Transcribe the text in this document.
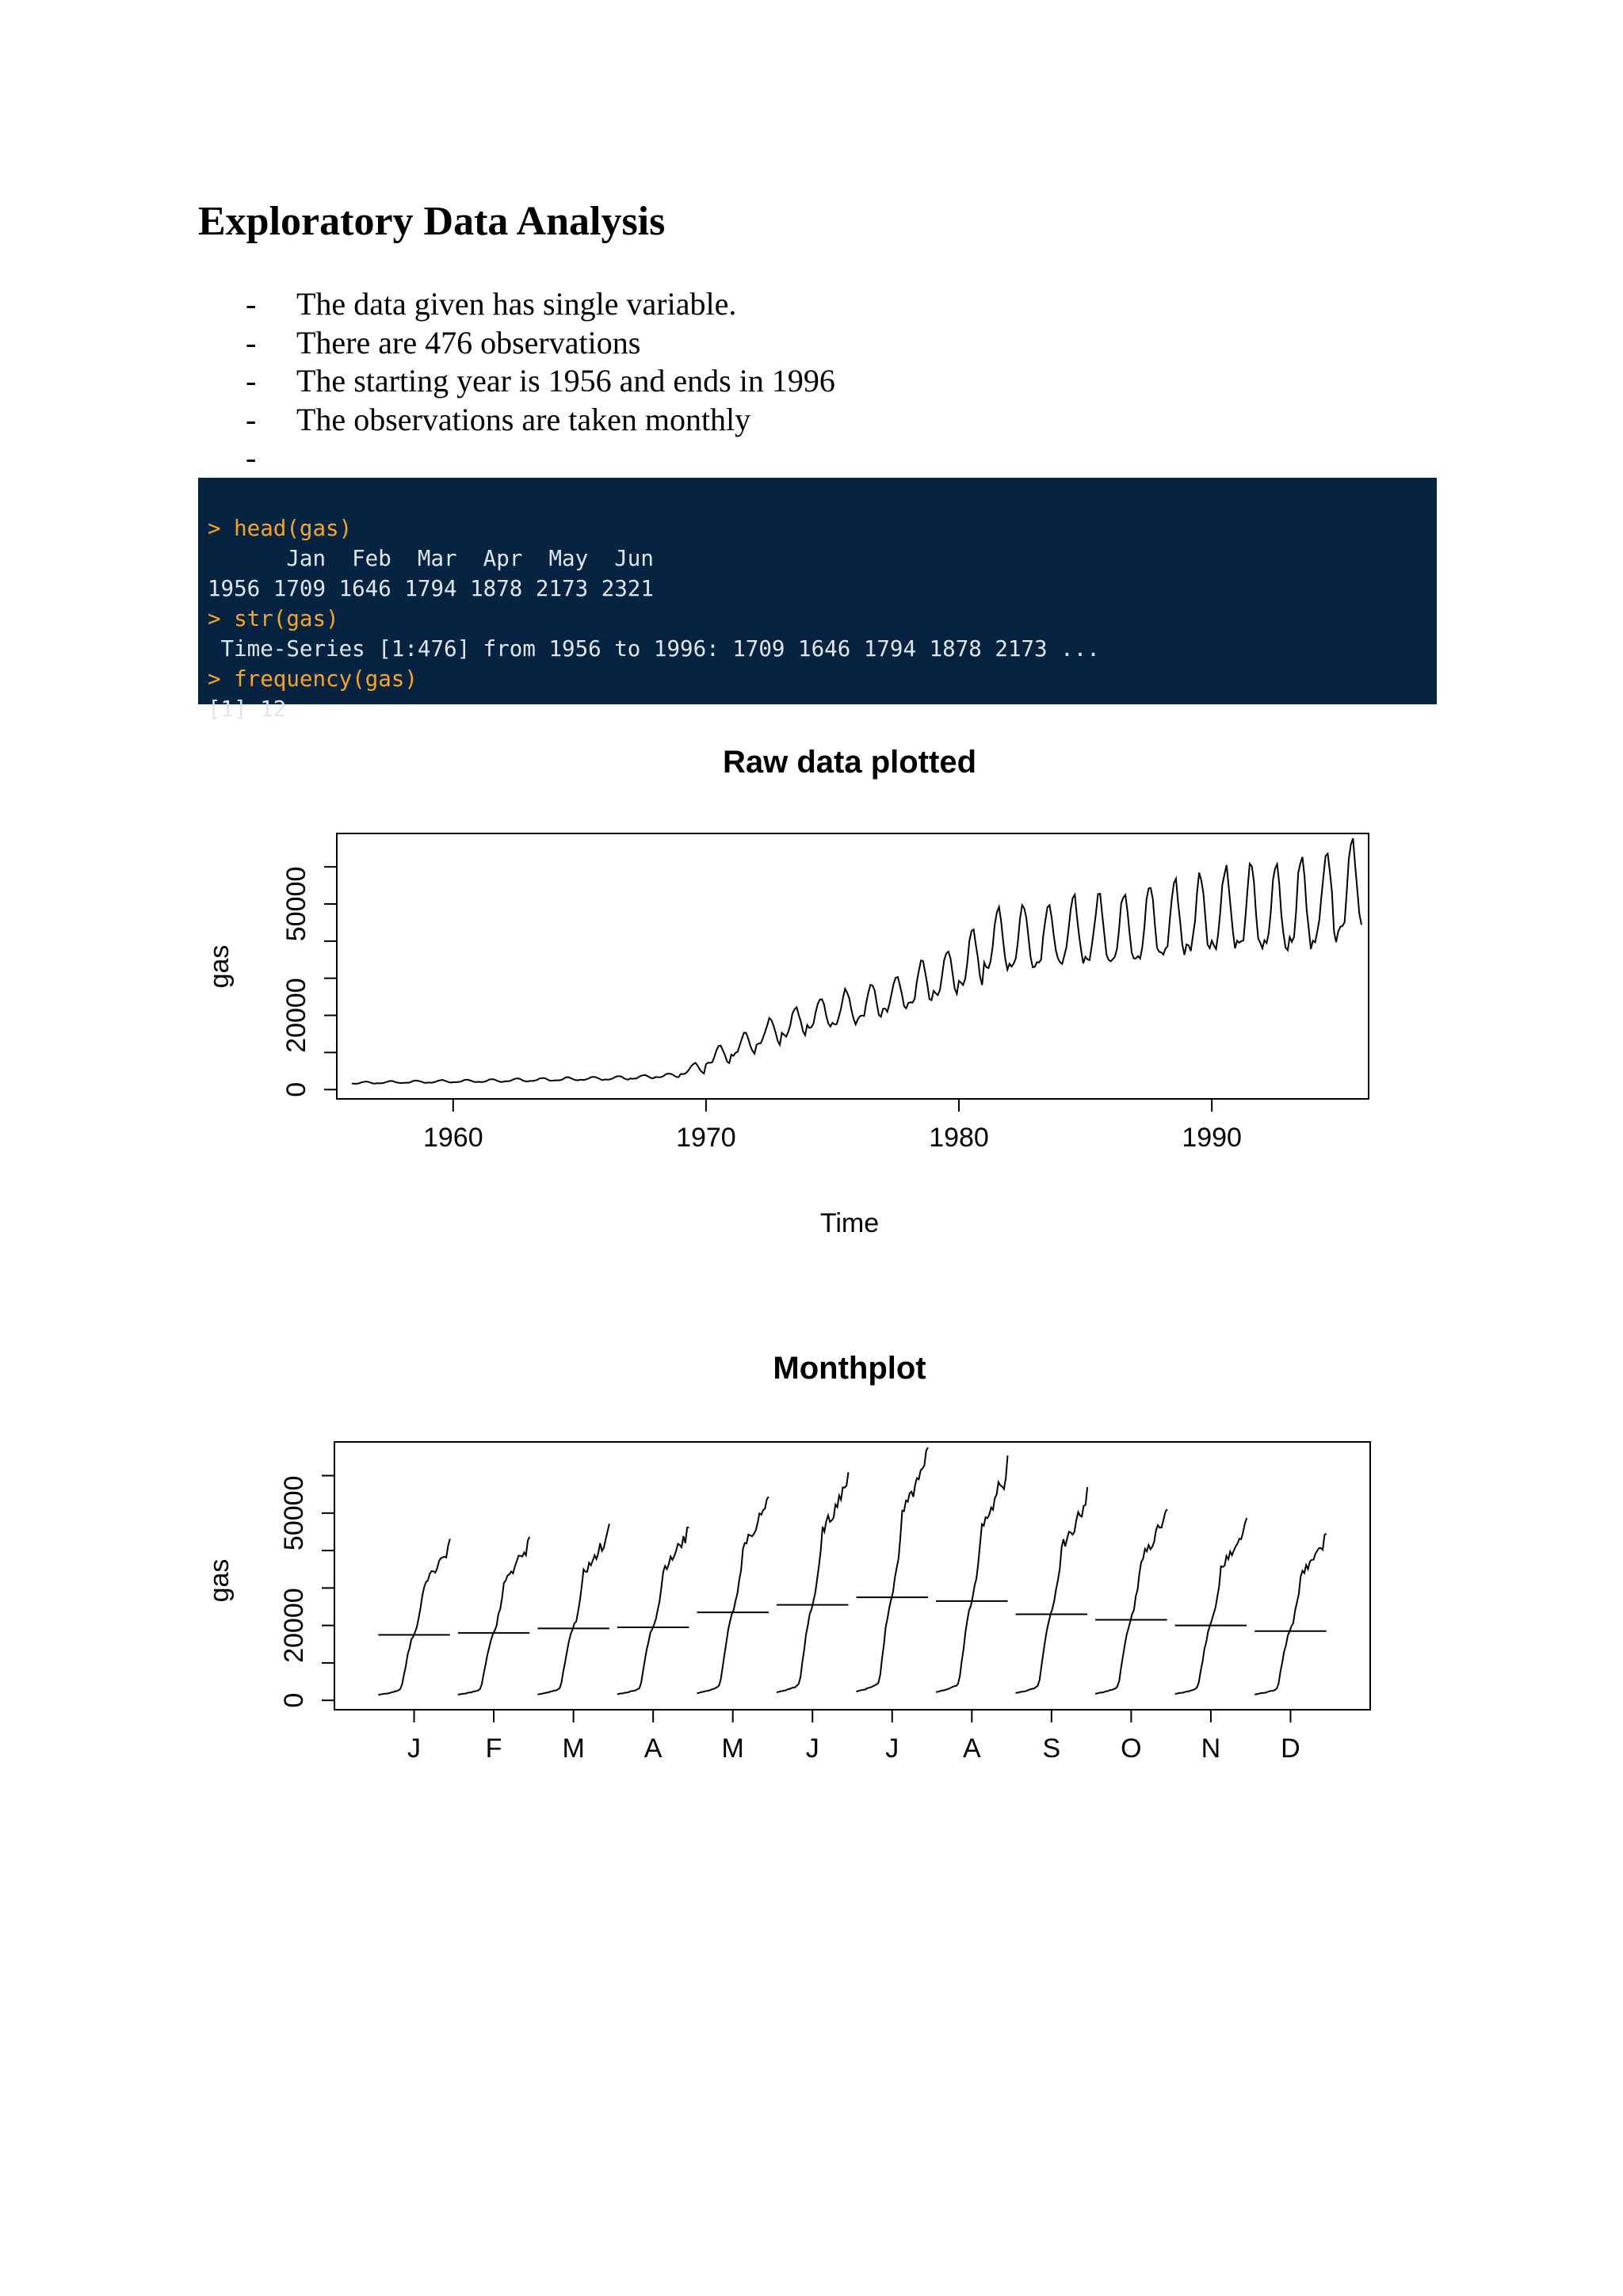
Exploratory Data Analysis
- The data given has single variable.
- There are 476 observations
- The starting year is 1956 and ends in 1996
- The observations are taken monthly
-

> head(gas)
Jan  Feb  Mar  Apr  May  Jun
1956 1709 1646 1794 1878 2173 2321
> str(gas)
Time-Series [1:476] from 1956 to 1996: 1709 1646 1794 1878 2173 ...
> frequency(gas)
[1] 12

Raw data plotted
Time
gas
1960	1970	1980	1990
0
20000
50000
Monthplot
gas
0
20000
50000
J F M A M J J A S O N D
